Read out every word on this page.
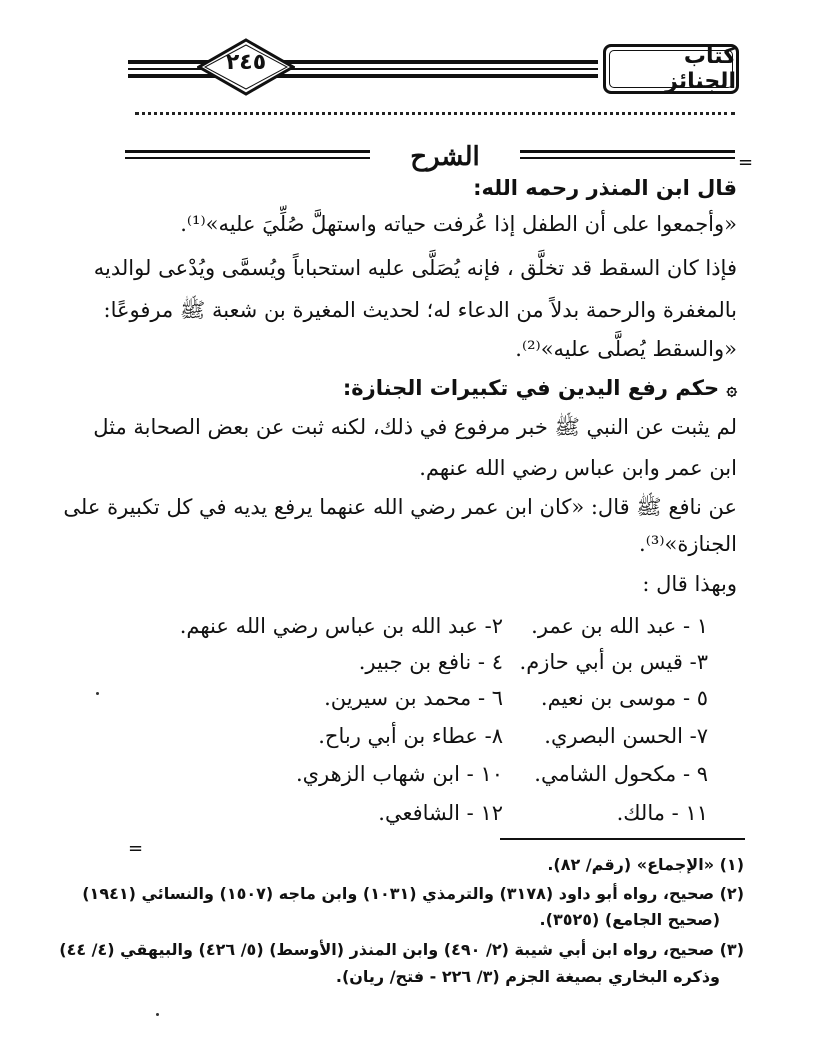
٢٤٥	كتاب الجنائز
الشرح	=
قال ابن المنذر رحمه الله:
«وأجمعوا على أن الطفل إذا عُرفت حياته واستهلَّ صُلِّيَ عليه»⁽¹⁾.
فإذا كان السقط قد تخلَّق ، فإنه يُصَلَّى عليه استحباباً ويُسمَّى ويُدْعى لوالديه
بالمغفرة والرحمة بدلاً من الدعاء له؛ لحديث المغيرة بن شعبة ﷺ مرفوعًا:
«والسقط يُصلَّى عليه»⁽²⁾.
۞ حكم رفع اليدين في تكبيرات الجنازة:
لم يثبت عن النبي ﷺ خبر مرفوع في ذلك، لكنه ثبت عن بعض الصحابة مثل
ابن عمر وابن عباس رضي الله عنهم.
عن نافع ﷺ قال: «كان ابن عمر رضي الله عنهما يرفع يديه في كل تكبيرة على
الجنازة»⁽³⁾.
وبهذا قال :
١ - عبد الله بن عمر.
٢- عبد الله بن عباس رضي الله عنهم.
٣- قيس بن أبي حازم.
٤ - نافع بن جبير.
٥ - موسى بن نعيم.
٦ - محمد بن سيرين.
٧- الحسن البصري.
٨- عطاء بن أبي رباح.
٩ - مكحول الشامي.
١٠ - ابن شهاب الزهري.
١١ - مالك.
١٢ - الشافعي.
=
(١) «الإجماع» (رقم/ ٨٢).
(٢) صحيح، رواه أبو داود (٣١٧٨) والترمذي (١٠٣١) وابن ماجه (١٥٠٧) والنسائي (١٩٤١)
(صحيح الجامع) (٣٥٢٥).
(٣) صحيح، رواه ابن أبي شيبة (٢/ ٤٩٠) وابن المنذر (الأوسط) (٥/ ٤٢٦) والبيهقي (٤/ ٤٤)
وذكره البخاري بصيغة الجزم (٣/ ٢٢٦ - فتح/ ريان).
